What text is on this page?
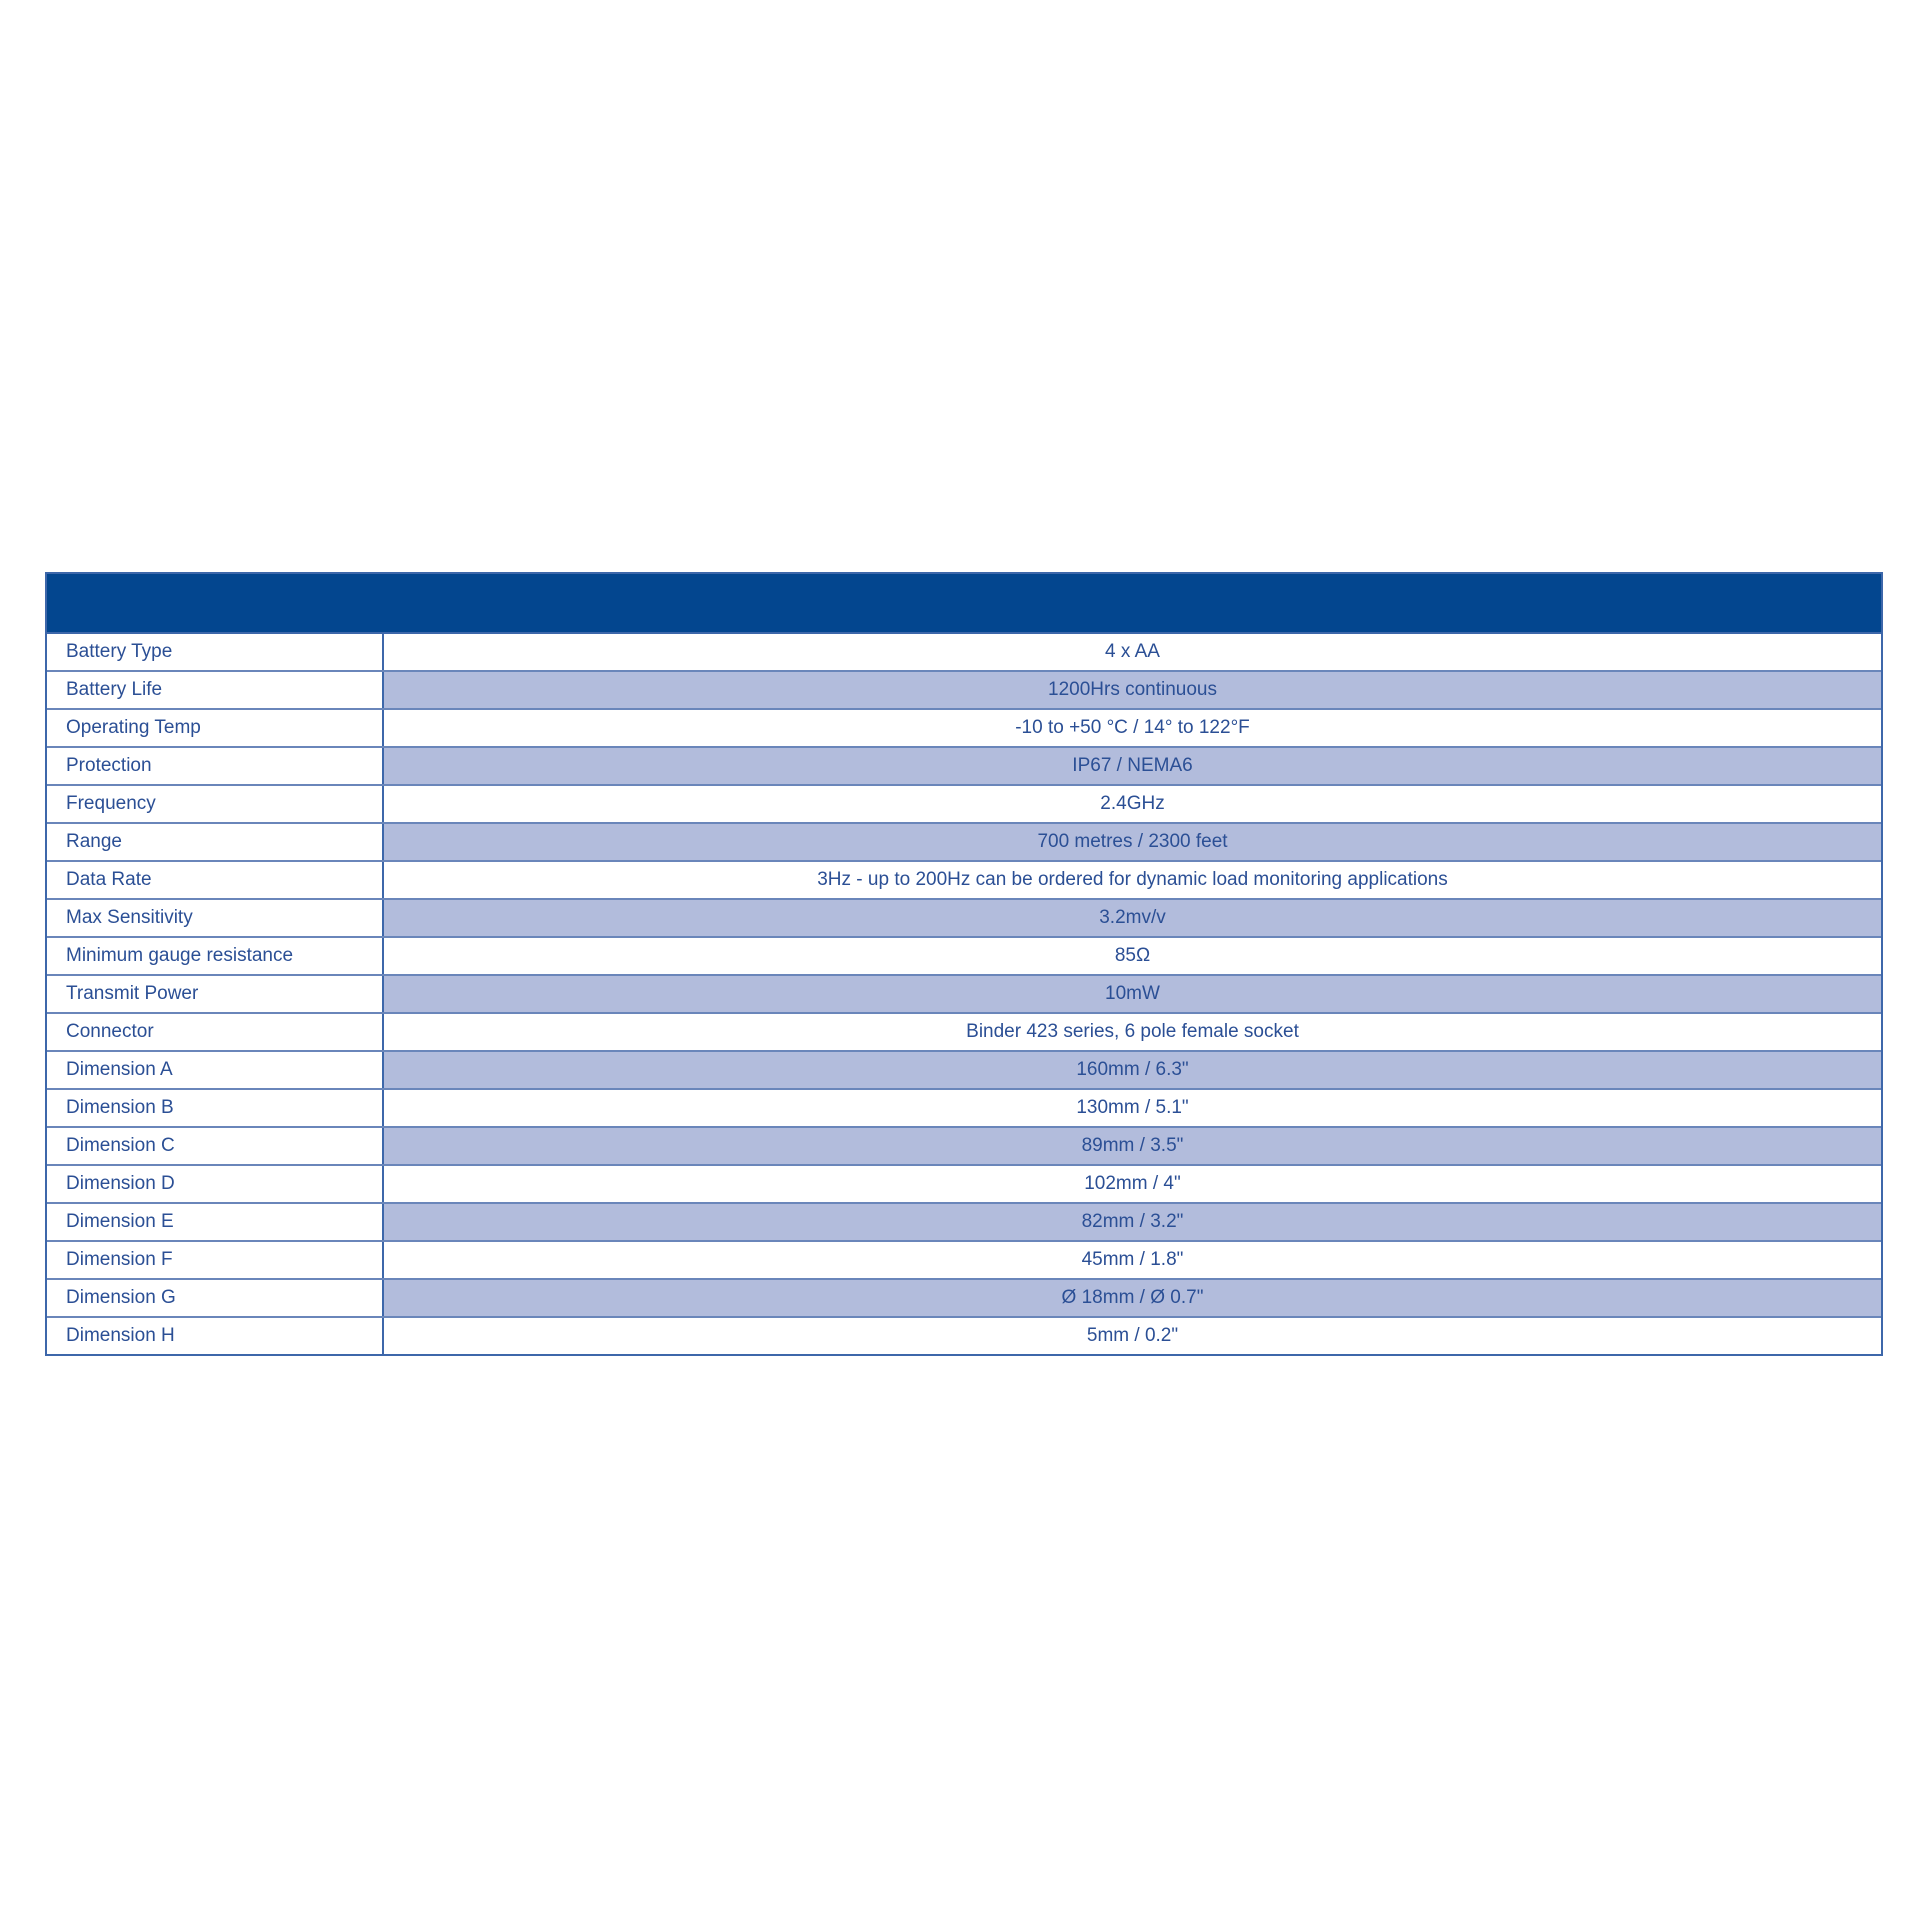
Battery Type	4 x AA
Battery Life	1200Hrs continuous
Operating Temp	-10 to +50 °C / 14° to 122°F
Protection	IP67 / NEMA6
Frequency	2.4GHz
Range	700 metres / 2300 feet
Data Rate	3Hz - up to 200Hz can be ordered for dynamic load monitoring applications
Max Sensitivity	3.2mv/v
Minimum gauge resistance	85Ω
Transmit Power	10mW
Connector	Binder 423 series, 6 pole female socket
Dimension A	160mm / 6.3"
Dimension B	130mm / 5.1"
Dimension C	89mm / 3.5"
Dimension D	102mm / 4"
Dimension E	82mm / 3.2"
Dimension F	45mm / 1.8"
Dimension G	Ø 18mm / Ø 0.7"
Dimension H	5mm / 0.2"
